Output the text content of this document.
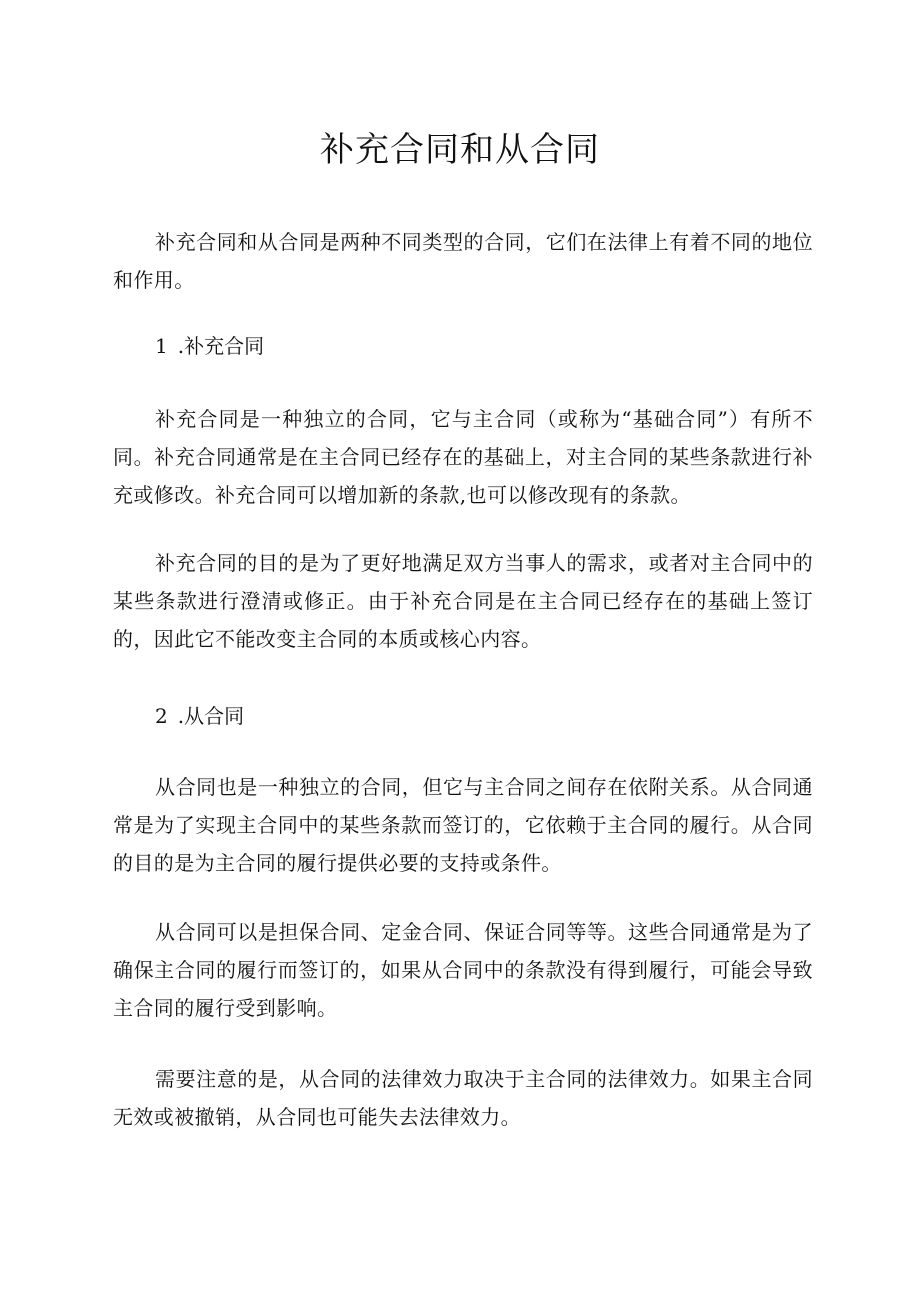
补充合同和从合同

补充合同和从合同是两种不同类型的合同，它们在法律上有着不同的地位和作用。

1 .补充合同

补充合同是一种独立的合同，它与主合同（或称为“基础合同”）有所不同。补充合同通常是在主合同已经存在的基础上，对主合同的某些条款进行补充或修改。补充合同可以增加新的条款,也可以修改现有的条款。

补充合同的目的是为了更好地满足双方当事人的需求，或者对主合同中的某些条款进行澄清或修正。由于补充合同是在主合同已经存在的基础上签订的，因此它不能改变主合同的本质或核心内容。

2 .从合同

从合同也是一种独立的合同，但它与主合同之间存在依附关系。从合同通常是为了实现主合同中的某些条款而签订的，它依赖于主合同的履行。从合同的目的是为主合同的履行提供必要的支持或条件。

从合同可以是担保合同、定金合同、保证合同等等。这些合同通常是为了确保主合同的履行而签订的，如果从合同中的条款没有得到履行，可能会导致主合同的履行受到影响。

需要注意的是，从合同的法律效力取决于主合同的法律效力。如果主合同无效或被撤销，从合同也可能失去法律效力。
